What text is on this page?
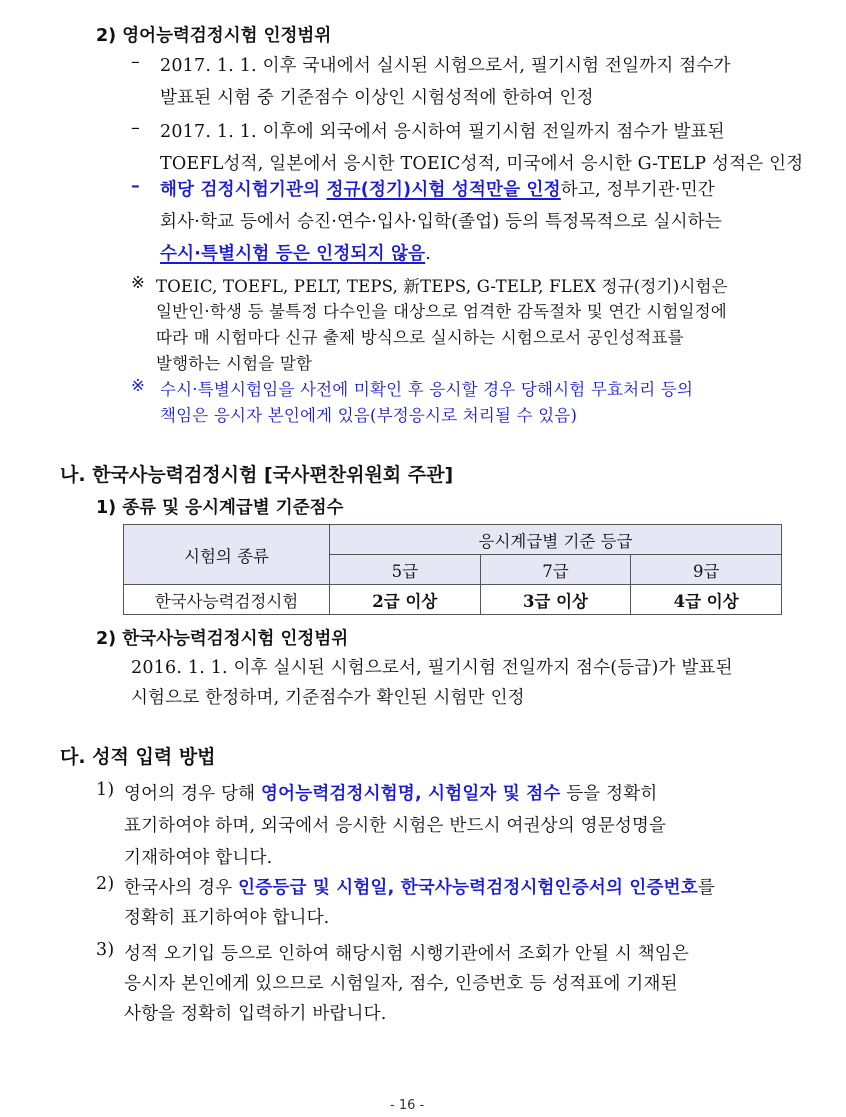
2) 영어능력검정시험 인정범위
– 2017. 1. 1. 이후 국내에서 실시된 시험으로서, 필기시험 전일까지 점수가
발표된 시험 중 기준점수 이상인 시험성적에 한하여 인정
– 2017. 1. 1. 이후에 외국에서 응시하여 필기시험 전일까지 점수가 발표된
TOEFL성적, 일본에서 응시한 TOEIC성적, 미국에서 응시한 G-TELP 성적은 인정
– 해당 검정시험기관의 정규(정기)시험 성적만을 인정하고, 정부기관·민간
회사·학교 등에서 승진·연수·입사·입학(졸업) 등의 특정목적으로 실시하는
수시·특별시험 등은 인정되지 않음.
※ TOEIC, TOEFL, PELT, TEPS, 新TEPS, G-TELP, FLEX 정규(정기)시험은
일반인·학생 등 불특정 다수인을 대상으로 엄격한 감독절차 및 연간 시험일정에
따라 매 시험마다 신규 출제 방식으로 실시하는 시험으로서 공인성적표를
발행하는 시험을 말함
※ 수시·특별시험임을 사전에 미확인 후 응시할 경우 당해시험 무효처리 등의
책임은 응시자 본인에게 있음(부정응시로 처리될 수 있음)
나. 한국사능력검정시험 [국사편찬위원회 주관]
1) 종류 및 응시계급별 기준점수
시험의 종류	응시계급별 기준 등급		
	5급	7급	9급
한국사능력검정시험	2급 이상	3급 이상	4급 이상
2) 한국사능력검정시험 인정범위
2016. 1. 1. 이후 실시된 시험으로서, 필기시험 전일까지 점수(등급)가 발표된
시험으로 한정하며, 기준점수가 확인된 시험만 인정
다. 성적 입력 방법
1) 영어의 경우 당해 영어능력검정시험명, 시험일자 및 점수 등을 정확히
표기하여야 하며, 외국에서 응시한 시험은 반드시 여권상의 영문성명을
기재하여야 합니다.
2) 한국사의 경우 인증등급 및 시험일, 한국사능력검정시험인증서의 인증번호를
정확히 표기하여야 합니다.
3) 성적 오기입 등으로 인하여 해당시험 시행기관에서 조회가 안될 시 책임은
응시자 본인에게 있으므로 시험일자, 점수, 인증번호 등 성적표에 기재된
사항을 정확히 입력하기 바랍니다.
- 16 -
